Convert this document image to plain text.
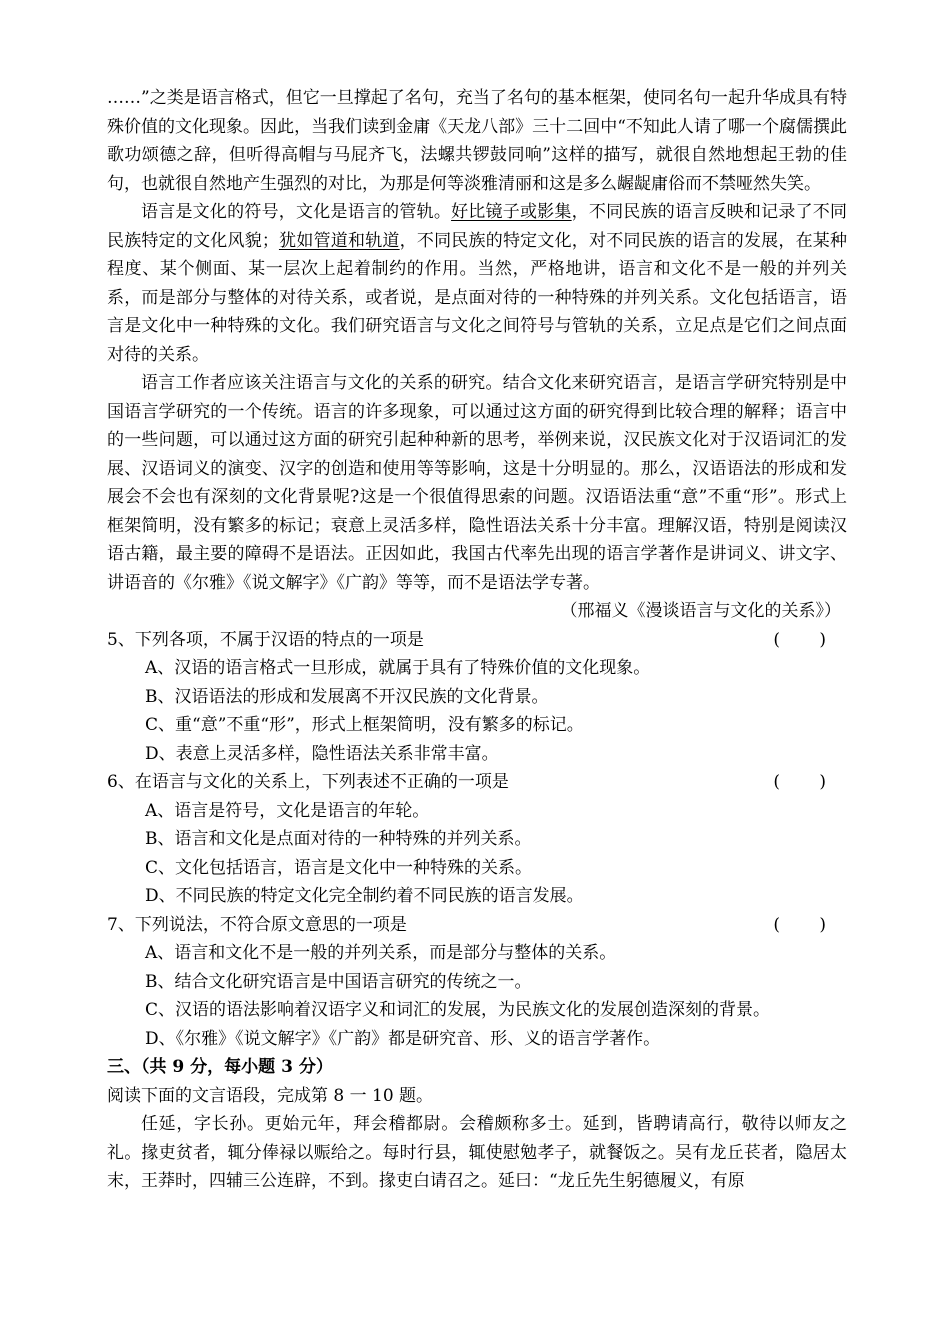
……”之类是语言格式，但它一旦撑起了名句，充当了名句的基本框架，使同名句一起升华成具有特殊价值的文化现象。因此，当我们读到金庸《天龙八部》三十二回中“不知此人请了哪一个腐儒撰此歌功颂德之辞，但听得高帽与马屁齐飞，法螺共锣鼓同响”这样的描写，就很自然地想起王勃的佳句，也就很自然地产生强烈的对比，为那是何等淡雅清丽和这是多么龌龊庸俗而不禁哑然失笑。

语言是文化的符号，文化是语言的管轨。好比镜子或影集，不同民族的语言反映和记录了不同民族特定的文化风貌；犹如管道和轨道，不同民族的特定文化，对不同民族的语言的发展，在某种程度、某个侧面、某一层次上起着制约的作用。当然，严格地讲，语言和文化不是一般的并列关系，而是部分与整体的对待关系，或者说，是点面对待的一种特殊的并列关系。文化包括语言，语言是文化中一种特殊的文化。我们研究语言与文化之间符号与管轨的关系，立足点是它们之间点面对待的关系。

语言工作者应该关注语言与文化的关系的研究。结合文化来研究语言，是语言学研究特别是中国语言学研究的一个传统。语言的许多现象，可以通过这方面的研究得到比较合理的解释；语言中的一些问题，可以通过这方面的研究引起种种新的思考，举例来说，汉民族文化对于汉语词汇的发展、汉语词义的演变、汉字的创造和使用等等影响，这是十分明显的。那么，汉语语法的形成和发展会不会也有深刻的文化背景呢?这是一个很值得思索的问题。汉语语法重“意”不重“形”。形式上框架简明，没有繁多的标记；衰意上灵活多样，隐性语法关系十分丰富。理解汉语，特别是阅读汉语古籍，最主要的障碍不是语法。正因如此，我国古代率先出现的语言学著作是讲词义、讲文字、讲语音的《尔雅》《说文解字》《广韵》等等，而不是语法学专著。

（邢福义《漫谈语言与文化的关系》）

5、下列各项，不属于汉语的特点的一项是	(      )

A、汉语的语言格式一旦形成，就属于具有了特殊价值的文化现象。

B、汉语语法的形成和发展离不开汉民族的文化背景。

C、重“意”不重“形”，形式上框架简明，没有繁多的标记。

D、表意上灵活多样，隐性语法关系非常丰富。

6、在语言与文化的关系上，下列表述不正确的一项是	(      )

A、语言是符号，文化是语言的年轮。

B、语言和文化是点面对待的一种特殊的并列关系。

C、文化包括语言，语言是文化中一种特殊的关系。

D、不同民族的特定文化完全制约着不同民族的语言发展。

7、下列说法，不符合原文意思的一项是	(      )

A、语言和文化不是一般的并列关系，而是部分与整体的关系。

B、结合文化研究语言是中国语言研究的传统之一。

C、汉语的语法影响着汉语字义和词汇的发展，为民族文化的发展创造深刻的背景。

D、《尔雅》《说文解字》《广韵》都是研究音、形、义的语言学著作。

三、（共 9 分，每小题 3 分）

阅读下面的文言语段，完成第 8 一 10 题。

任延，字长孙。更始元年，拜会稽都尉。会稽颇称多士。延到，皆聘请高行，敬待以师友之礼。掾吏贫者，辄分俸禄以赈给之。每时行县，辄使慰勉孝子，就餐饭之。吴有龙丘苌者，隐居太末，王莽时，四辅三公连辟，不到。掾吏白请召之。延曰：“龙丘先生躬德履义，有原
